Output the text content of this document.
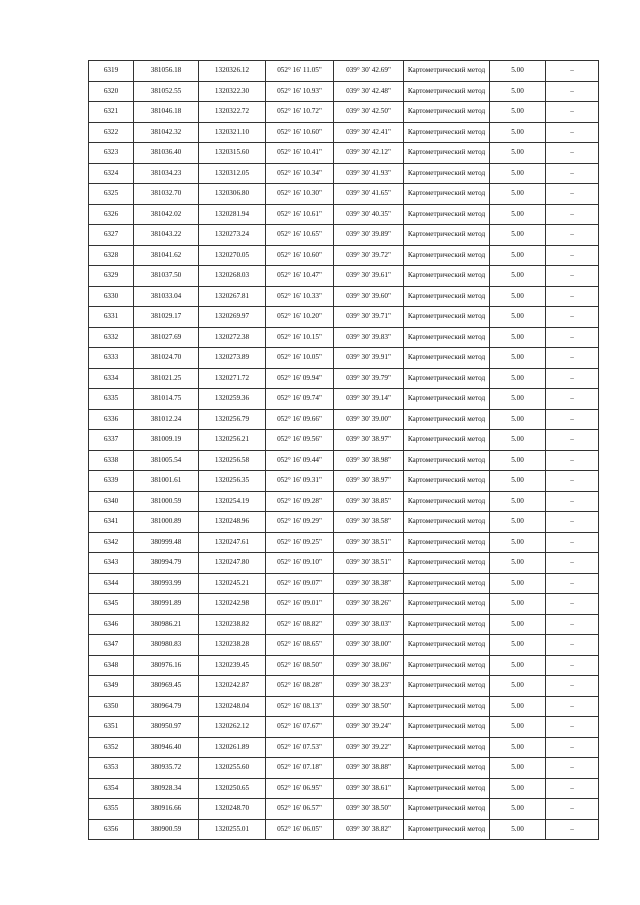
6319	381056.18	1320326.12	052° 16' 11.05"	039° 30' 42.69"	Картометрический метод	5.00	–
6320	381052.55	1320322.30	052° 16' 10.93"	039° 30' 42.48"	Картометрический метод	5.00	–
6321	381046.18	1320322.72	052° 16' 10.72"	039° 30' 42.50"	Картометрический метод	5.00	–
6322	381042.32	1320321.10	052° 16' 10.60"	039° 30' 42.41"	Картометрический метод	5.00	–
6323	381036.40	1320315.60	052° 16' 10.41"	039° 30' 42.12"	Картометрический метод	5.00	–
6324	381034.23	1320312.05	052° 16' 10.34"	039° 30' 41.93"	Картометрический метод	5.00	–
6325	381032.70	1320306.80	052° 16' 10.30"	039° 30' 41.65"	Картометрический метод	5.00	–
6326	381042.02	1320281.94	052° 16' 10.61"	039° 30' 40.35"	Картометрический метод	5.00	–
6327	381043.22	1320273.24	052° 16' 10.65"	039° 30' 39.89"	Картометрический метод	5.00	–
6328	381041.62	1320270.05	052° 16' 10.60"	039° 30' 39.72"	Картометрический метод	5.00	–
6329	381037.50	1320268.03	052° 16' 10.47"	039° 30' 39.61"	Картометрический метод	5.00	–
6330	381033.04	1320267.81	052° 16' 10.33"	039° 30' 39.60"	Картометрический метод	5.00	–
6331	381029.17	1320269.97	052° 16' 10.20"	039° 30' 39.71"	Картометрический метод	5.00	–
6332	381027.69	1320272.38	052° 16' 10.15"	039° 30' 39.83"	Картометрический метод	5.00	–
6333	381024.70	1320273.89	052° 16' 10.05"	039° 30' 39.91"	Картометрический метод	5.00	–
6334	381021.25	1320271.72	052° 16' 09.94"	039° 30' 39.79"	Картометрический метод	5.00	–
6335	381014.75	1320259.36	052° 16' 09.74"	039° 30' 39.14"	Картометрический метод	5.00	–
6336	381012.24	1320256.79	052° 16' 09.66"	039° 30' 39.00"	Картометрический метод	5.00	–
6337	381009.19	1320256.21	052° 16' 09.56"	039° 30' 38.97"	Картометрический метод	5.00	–
6338	381005.54	1320256.58	052° 16' 09.44"	039° 30' 38.98"	Картометрический метод	5.00	–
6339	381001.61	1320256.35	052° 16' 09.31"	039° 30' 38.97"	Картометрический метод	5.00	–
6340	381000.59	1320254.19	052° 16' 09.28"	039° 30' 38.85"	Картометрический метод	5.00	–
6341	381000.89	1320248.96	052° 16' 09.29"	039° 30' 38.58"	Картометрический метод	5.00	–
6342	380999.48	1320247.61	052° 16' 09.25"	039° 30' 38.51"	Картометрический метод	5.00	–
6343	380994.79	1320247.80	052° 16' 09.10"	039° 30' 38.51"	Картометрический метод	5.00	–
6344	380993.99	1320245.21	052° 16' 09.07"	039° 30' 38.38"	Картометрический метод	5.00	–
6345	380991.89	1320242.98	052° 16' 09.01"	039° 30' 38.26"	Картометрический метод	5.00	–
6346	380986.21	1320238.82	052° 16' 08.82"	039° 30' 38.03"	Картометрический метод	5.00	–
6347	380980.83	1320238.28	052° 16' 08.65"	039° 30' 38.00"	Картометрический метод	5.00	–
6348	380976.16	1320239.45	052° 16' 08.50"	039° 30' 38.06"	Картометрический метод	5.00	–
6349	380969.45	1320242.87	052° 16' 08.28"	039° 30' 38.23"	Картометрический метод	5.00	–
6350	380964.79	1320248.04	052° 16' 08.13"	039° 30' 38.50"	Картометрический метод	5.00	–
6351	380950.97	1320262.12	052° 16' 07.67"	039° 30' 39.24"	Картометрический метод	5.00	–
6352	380946.40	1320261.89	052° 16' 07.53"	039° 30' 39.22"	Картометрический метод	5.00	–
6353	380935.72	1320255.60	052° 16' 07.18"	039° 30' 38.88"	Картометрический метод	5.00	–
6354	380928.34	1320250.65	052° 16' 06.95"	039° 30' 38.61"	Картометрический метод	5.00	–
6355	380916.66	1320248.70	052° 16' 06.57"	039° 30' 38.50"	Картометрический метод	5.00	–
6356	380900.59	1320255.01	052° 16' 06.05"	039° 30' 38.82"	Картометрический метод	5.00	–
